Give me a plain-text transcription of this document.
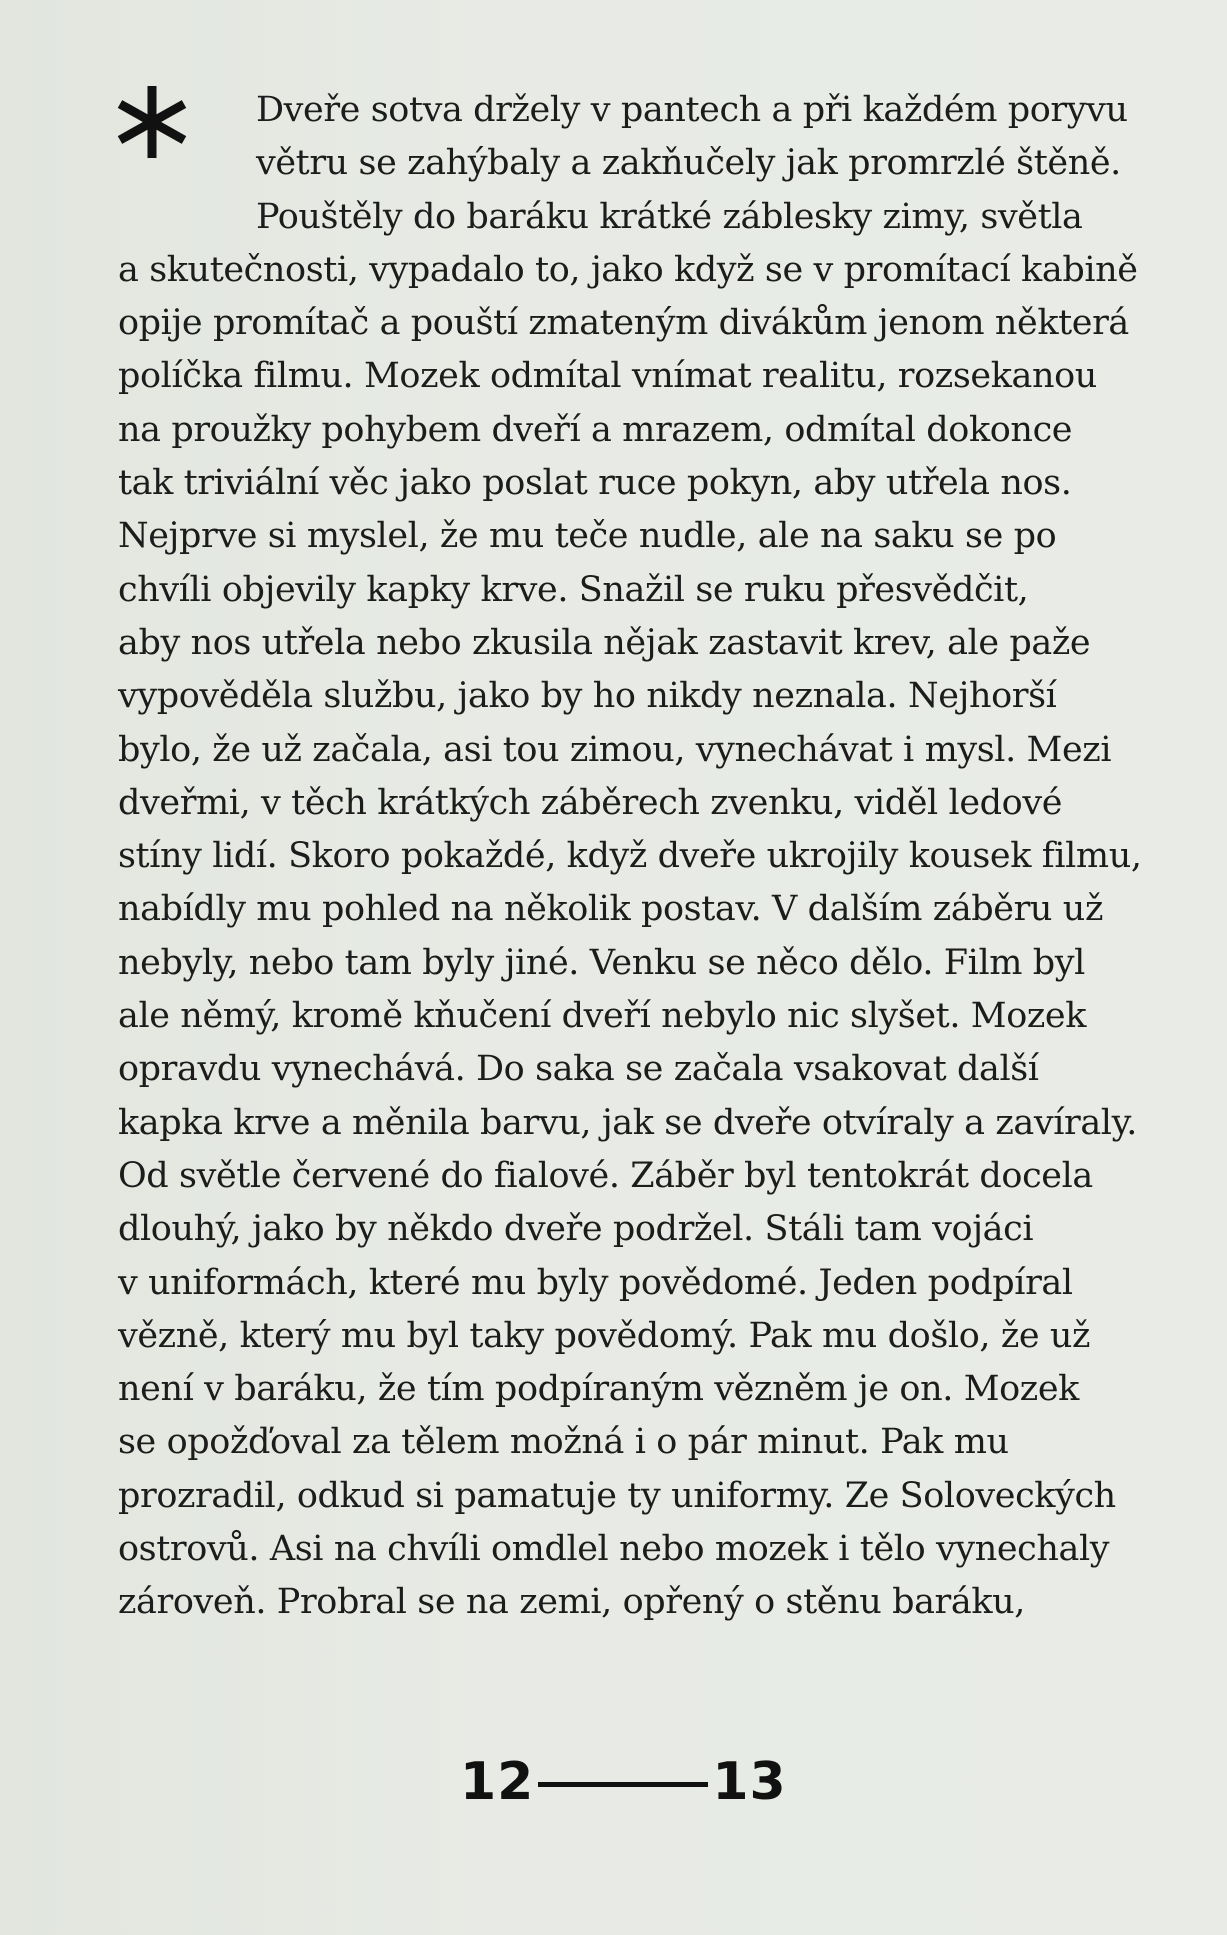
Dveře sotva držely v pantech a při každém poryvu
větru se zahýbaly a zakňučely jak promrzlé štěně.
Pouštěly do baráku krátké záblesky zimy, světla
a skutečnosti, vypadalo to, jako když se v promítací kabině
opije promítač a pouští zmateným divákům jenom některá
políčka filmu. Mozek odmítal vnímat realitu, rozsekanou
na proužky pohybem dveří a mrazem, odmítal dokonce
tak triviální věc jako poslat ruce pokyn, aby utřela nos.
Nejprve si myslel, že mu teče nudle, ale na saku se po
chvíli objevily kapky krve. Snažil se ruku přesvědčit,
aby nos utřela nebo zkusila nějak zastavit krev, ale paže
vypověděla službu, jako by ho nikdy neznala. Nejhorší
bylo, že už začala, asi tou zimou, vynechávat i mysl. Mezi
dveřmi, v těch krátkých záběrech zvenku, viděl ledové
stíny lidí. Skoro pokaždé, když dveře ukrojily kousek filmu,
nabídly mu pohled na několik postav. V dalším záběru už
nebyly, nebo tam byly jiné. Venku se něco dělo. Film byl
ale němý, kromě kňučení dveří nebylo nic slyšet. Mozek
opravdu vynechává. Do saka se začala vsakovat další
kapka krve a měnila barvu, jak se dveře otvíraly a zavíraly.
Od světle červené do fialové. Záběr byl tentokrát docela
dlouhý, jako by někdo dveře podržel. Stáli tam vojáci
v uniformách, které mu byly povědomé. Jeden podpíral
vězně, který mu byl taky povědomý. Pak mu došlo, že už
není v baráku, že tím podpíraným vězněm je on. Mozek
se opožďoval za tělem možná i o pár minut. Pak mu
prozradil, odkud si pamatuje ty uniformy. Ze Soloveckých
ostrovů. Asi na chvíli omdlel nebo mozek i tělo vynechaly
zároveň. Probral se na zemi, opřený o stěnu baráku,
12	13
